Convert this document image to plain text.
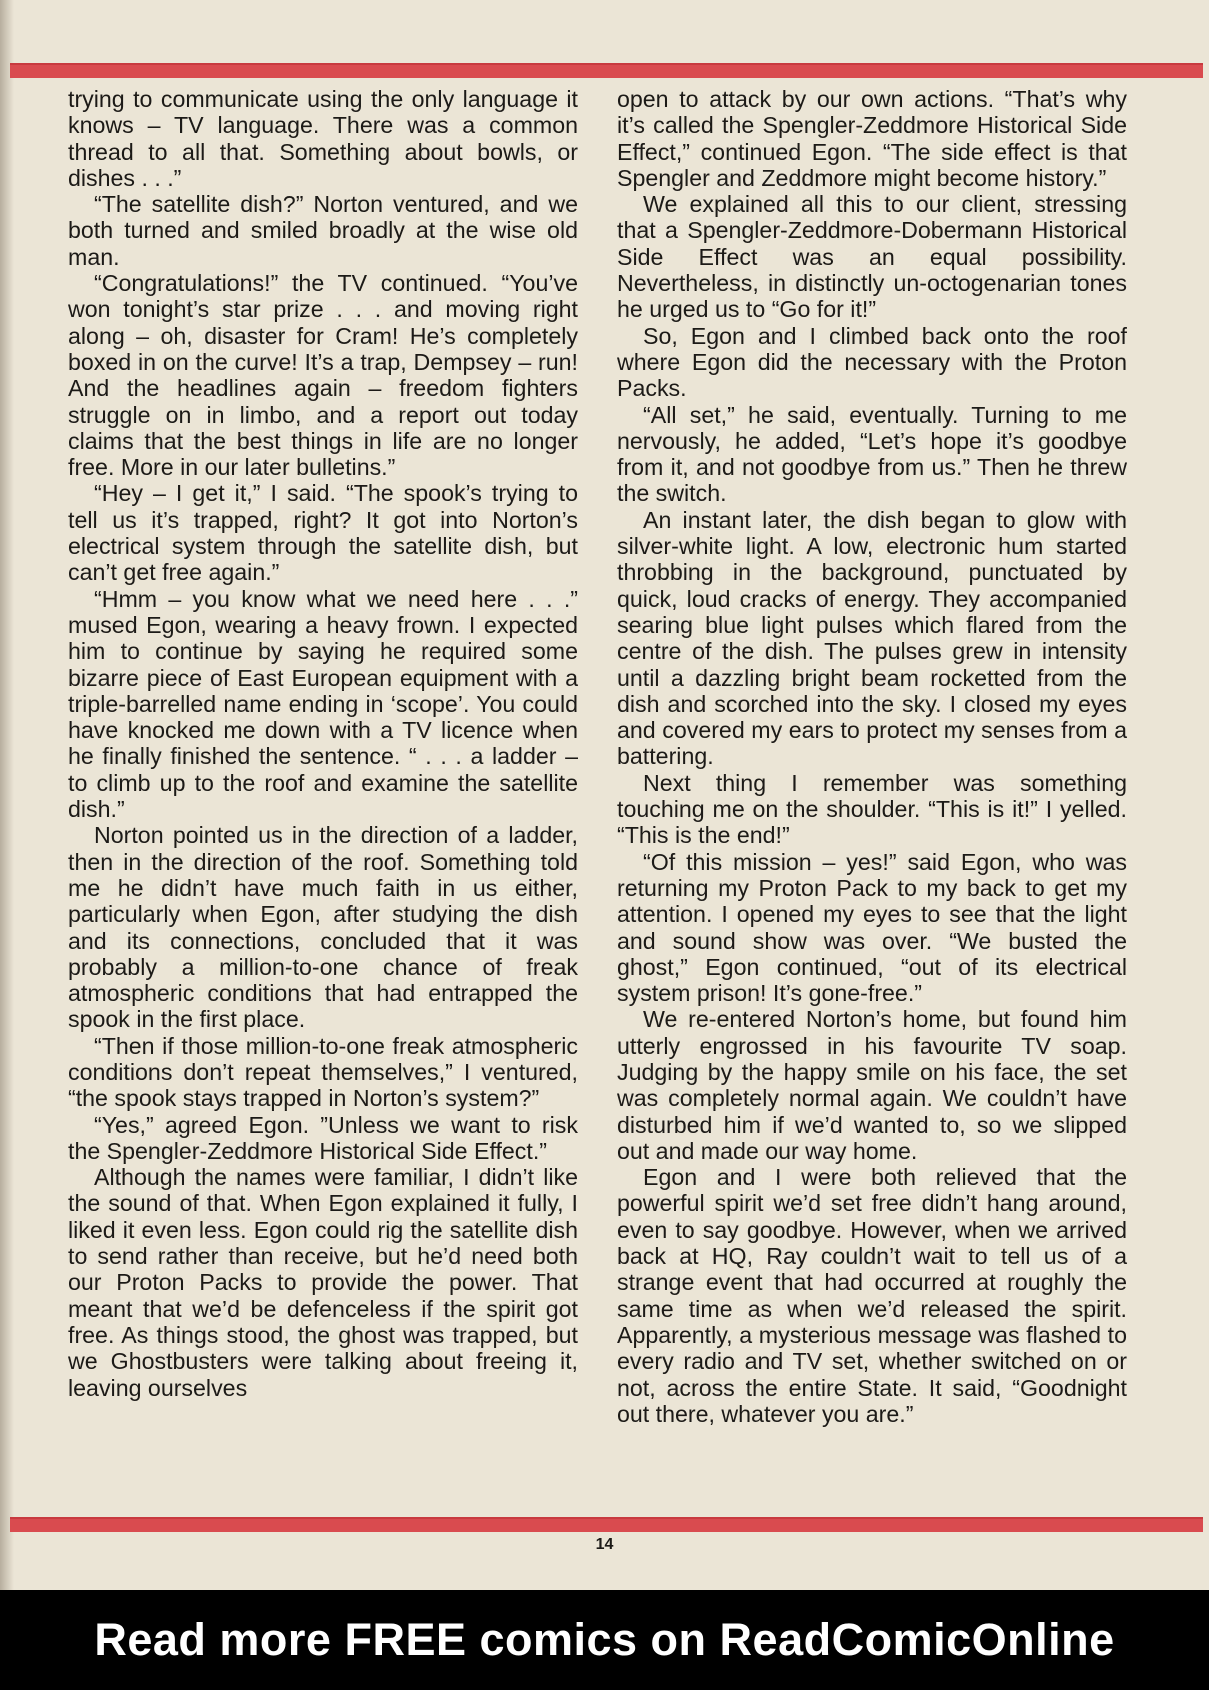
trying to communicate using the only language it knows – TV language. There was a common thread to all that. Something about bowls, or dishes . . .”

“The satellite dish?” Norton ventured, and we both turned and smiled broadly at the wise old man.

“Congratulations!” the TV continued. “You’ve won tonight’s star prize . . . and moving right along – oh, disaster for Cram! He’s completely boxed in on the curve! It’s a trap, Dempsey – run! And the headlines again – freedom fighters struggle on in limbo, and a report out today claims that the best things in life are no longer free. More in our later bulletins.”

“Hey – I get it,” I said. “The spook’s trying to tell us it’s trapped, right? It got into Norton’s electrical system through the satellite dish, but can’t get free again.”

“Hmm – you know what we need here . . .” mused Egon, wearing a heavy frown. I expected him to continue by saying he required some bizarre piece of East European equipment with a triple-barrelled name ending in ‘scope’. You could have knocked me down with a TV licence when he finally finished the sentence. “ . . . a ladder – to climb up to the roof and examine the satellite dish.”

Norton pointed us in the direction of a ladder, then in the direction of the roof. Something told me he didn’t have much faith in us either, particularly when Egon, after studying the dish and its connections, concluded that it was probably a million-to-one chance of freak atmospheric conditions that had entrapped the spook in the first place.

“Then if those million-to-one freak atmospheric conditions don’t repeat themselves,” I ventured, “the spook stays trapped in Norton’s system?”

“Yes,” agreed Egon. ”Unless we want to risk the Spengler-Zeddmore Historical Side Effect.”

Although the names were familiar, I didn’t like the sound of that. When Egon explained it fully, I liked it even less. Egon could rig the satellite dish to send rather than receive, but he’d need both our Proton Packs to provide the power. That meant that we’d be defenceless if the spirit got free. As things stood, the ghost was trapped, but we Ghostbusters were talking about freeing it, leaving ourselves

open to attack by our own actions. “That’s why it’s called the Spengler-Zeddmore Historical Side Effect,” continued Egon. “The side effect is that Spengler and Zeddmore might become history.”

We explained all this to our client, stressing that a Spengler-Zeddmore-Dobermann Historical Side Effect was an equal possibility. Nevertheless, in distinctly un-octogenarian tones he urged us to “Go for it!”

So, Egon and I climbed back onto the roof where Egon did the necessary with the Proton Packs.

“All set,” he said, eventually. Turning to me nervously, he added, “Let’s hope it’s goodbye from it, and not goodbye from us.” Then he threw the switch.

An instant later, the dish began to glow with silver-white light. A low, electronic hum started throbbing in the background, punctuated by quick, loud cracks of energy. They accompanied searing blue light pulses which flared from the centre of the dish. The pulses grew in intensity until a dazzling bright beam rocketted from the dish and scorched into the sky. I closed my eyes and covered my ears to protect my senses from a battering.

Next thing I remember was something touching me on the shoulder. “This is it!” I yelled. “This is the end!”

“Of this mission – yes!” said Egon, who was returning my Proton Pack to my back to get my attention. I opened my eyes to see that the light and sound show was over. “We busted the ghost,” Egon continued, “out of its electrical system prison! It’s gone-free.”

We re-entered Norton’s home, but found him utterly engrossed in his favourite TV soap. Judging by the happy smile on his face, the set was completely normal again. We couldn’t have disturbed him if we’d wanted to, so we slipped out and made our way home.

Egon and I were both relieved that the powerful spirit we’d set free didn’t hang around, even to say goodbye. However, when we arrived back at HQ, Ray couldn’t wait to tell us of a strange event that had occurred at roughly the same time as when we’d released the spirit. Apparently, a mysterious message was flashed to every radio and TV set, whether switched on or not, across the entire State. It said, “Goodnight out there, whatever you are.”

14
Read more FREE comics on ReadComicOnline
